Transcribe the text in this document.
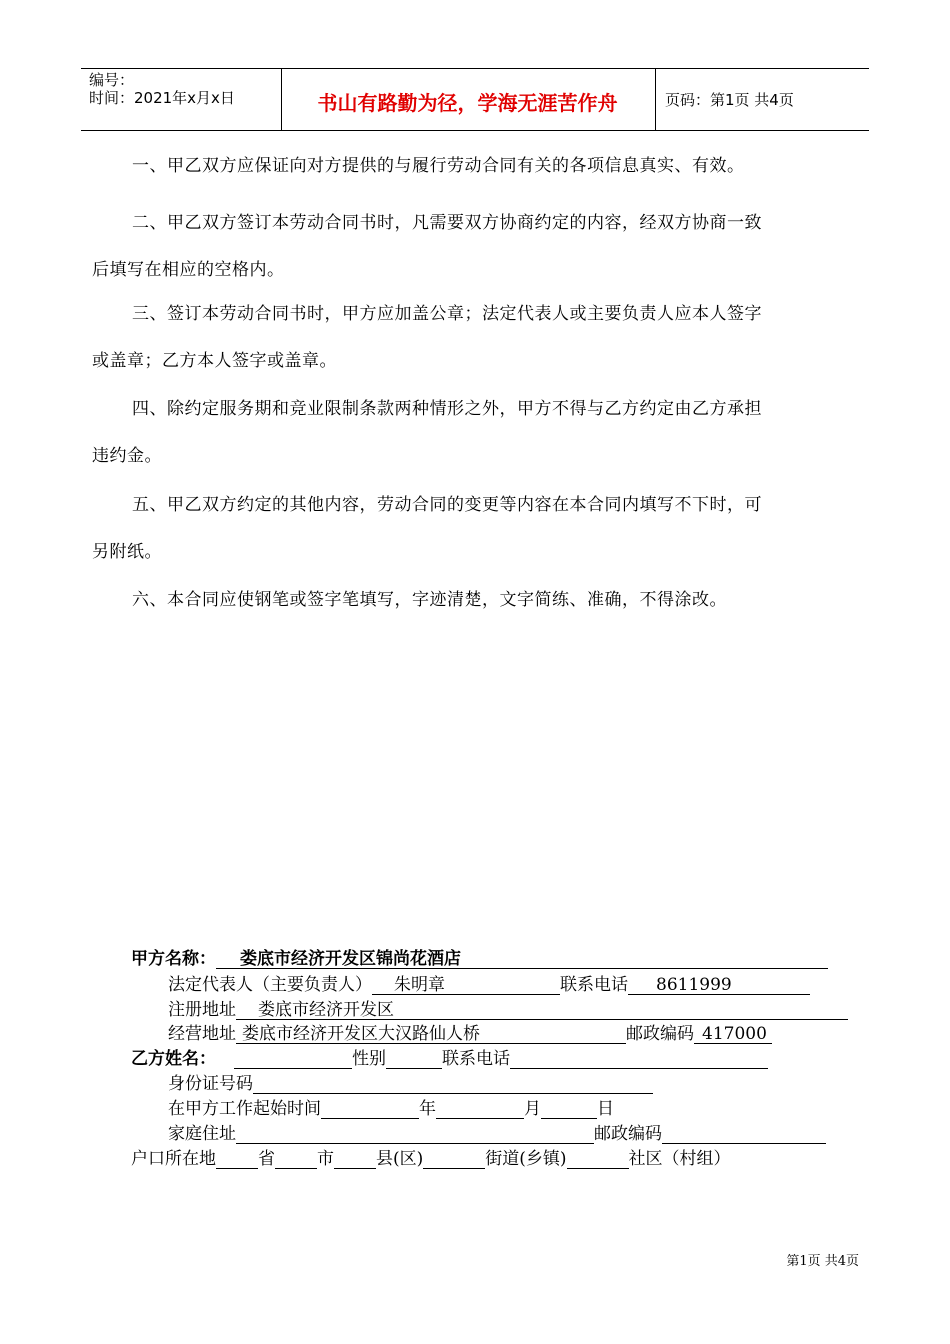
编号：
时间：2021年x月x日	书山有路勤为径，学海无涯苦作舟	页码：第1页 共4页
一、甲乙双方应保证向对方提供的与履行劳动合同有关的各项信息真实、有效。
二、甲乙双方签订本劳动合同书时，凡需要双方协商约定的内容，经双方协商一致
后填写在相应的空格内。
三、签订本劳动合同书时，甲方应加盖公章；法定代表人或主要负责人应本人签字
或盖章；乙方本人签字或盖章。
四、除约定服务期和竞业限制条款两种情形之外，甲方不得与乙方约定由乙方承担
违约金。
五、甲乙双方约定的其他内容，劳动合同的变更等内容在本合同内填写不下时，可
另附纸。
六、本合同应使钢笔或签字笔填写，字迹清楚，文字简练、准确，不得涂改。
甲方名称： 娄底市经济开发区锦尚花酒店
法定代表人（主要负责人） 朱明章	联系电话 8611999
注册地址 娄底市经济开发区
经营地址 娄底市经济开发区大汉路仙人桥	邮政编码 417000
乙方姓名：	性别	联系电话
身份证号码
在甲方工作起始时间	年	月	日
家庭住址	邮政编码
户口所在地 省 市 县(区)	街道(乡镇)	社区（村组）
第1页 共4页
